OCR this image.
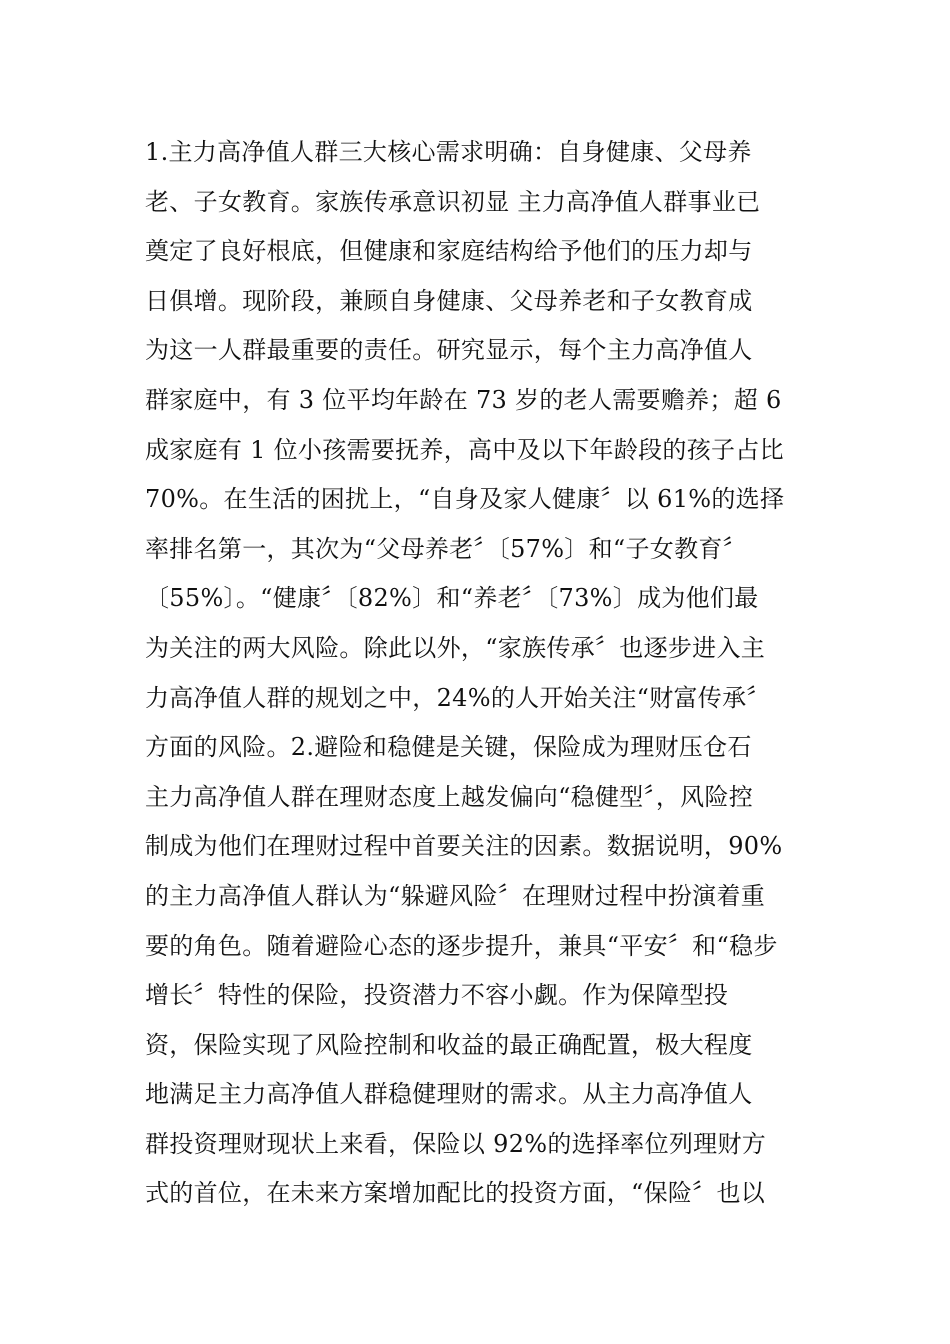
1.主力高净值人群三大核心需求明确：自身健康、父母养
老、子女教育。家族传承意识初显 主力高净值人群事业已
奠定了良好根底，但健康和家庭结构给予他们的压力却与
日俱增。现阶段，兼顾自身健康、父母养老和子女教育成
为这一人群最重要的责任。研究显示，每个主力高净值人
群家庭中，有 3 位平均年龄在 73 岁的老人需要赡养；超 6
成家庭有 1 位小孩需要抚养，高中及以下年龄段的孩子占比
70%。在生活的困扰上，“自身及家人健康〞以 61%的选择
率排名第一，其次为“父母养老〞〔57%〕和“子女教育〞
〔55%〕。“健康〞〔82%〕和“养老〞〔73%〕成为他们最
为关注的两大风险。除此以外，“家族传承〞也逐步进入主
力高净值人群的规划之中，24%的人开始关注“财富传承〞
方面的风险。2.避险和稳健是关键，保险成为理财压仓石
主力高净值人群在理财态度上越发偏向“稳健型〞，风险控
制成为他们在理财过程中首要关注的因素。数据说明，90%
的主力高净值人群认为“躲避风险〞在理财过程中扮演着重
要的角色。随着避险心态的逐步提升，兼具“平安〞和“稳步
增长〞特性的保险，投资潜力不容小觑。作为保障型投
资，保险实现了风险控制和收益的最正确配置，极大程度
地满足主力高净值人群稳健理财的需求。从主力高净值人
群投资理财现状上来看，保险以 92%的选择率位列理财方
式的首位，在未来方案增加配比的投资方面，“保险〞也以
